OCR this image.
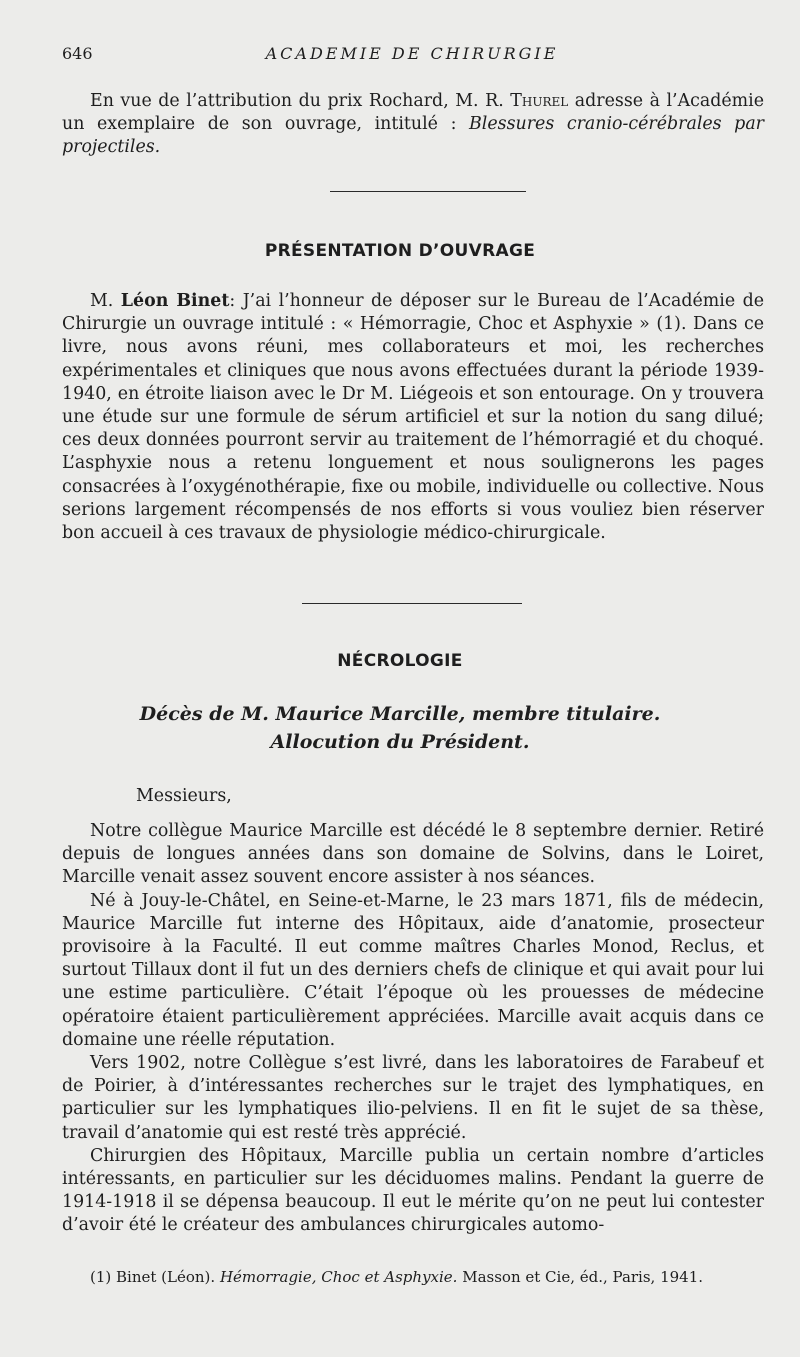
646	ACADEMIE DE CHIRURGIE
En vue de l’attribution du prix Rochard, M. R. Thurel adresse à l’Académie un exemplaire de son ouvrage, intitulé : Blessures cranio-cérébrales par projectiles.
PRÉSENTATION D’OUVRAGE
M. Léon Binet: J’ai l’honneur de déposer sur le Bureau de l’Académie de Chirurgie un ouvrage intitulé : « Hémorragie, Choc et Asphyxie » (1). Dans ce livre, nous avons réuni, mes collaborateurs et moi, les recherches expérimentales et cliniques que nous avons effectuées durant la période 1939-1940, en étroite liaison avec le Dr M. Liégeois et son entourage. On y trouvera une étude sur une formule de sérum artificiel et sur la notion du sang dilué; ces deux données pourront servir au traitement de l’hémorragié et du choqué. L’asphyxie nous a retenu longuement et nous soulignerons les pages consacrées à l’oxygénothérapie, fixe ou mobile, individuelle ou collective. Nous serions largement récompensés de nos efforts si vous vouliez bien réserver bon accueil à ces travaux de physiologie médico-chirurgicale.
NÉCROLOGIE
Décès de M. Maurice Marcille, membre titulaire.
Allocution du Président.
Messieurs,
Notre collègue Maurice Marcille est décédé le 8 septembre dernier. Retiré depuis de longues années dans son domaine de Solvins, dans le Loiret, Marcille venait assez souvent encore assister à nos séances.
Né à Jouy-le-Châtel, en Seine-et-Marne, le 23 mars 1871, fils de médecin, Maurice Marcille fut interne des Hôpitaux, aide d’anatomie, prosecteur provisoire à la Faculté. Il eut comme maîtres Charles Monod, Reclus, et surtout Tillaux dont il fut un des derniers chefs de clinique et qui avait pour lui une estime particulière. C’était l’époque où les prouesses de médecine opératoire étaient particulièrement appréciées. Marcille avait acquis dans ce domaine une réelle réputation.
Vers 1902, notre Collègue s’est livré, dans les laboratoires de Farabeuf et de Poirier, à d’intéressantes recherches sur le trajet des lymphatiques, en particulier sur les lymphatiques ilio-pelviens. Il en fit le sujet de sa thèse, travail d’anatomie qui est resté très apprécié.
Chirurgien des Hôpitaux, Marcille publia un certain nombre d’articles intéressants, en particulier sur les déciduomes malins. Pendant la guerre de 1914-1918 il se dépensa beaucoup. Il eut le mérite qu’on ne peut lui contester d’avoir été le créateur des ambulances chirurgicales automo-
(1) Binet (Léon). Hémorragie, Choc et Asphyxie. Masson et Cie, éd., Paris, 1941.
